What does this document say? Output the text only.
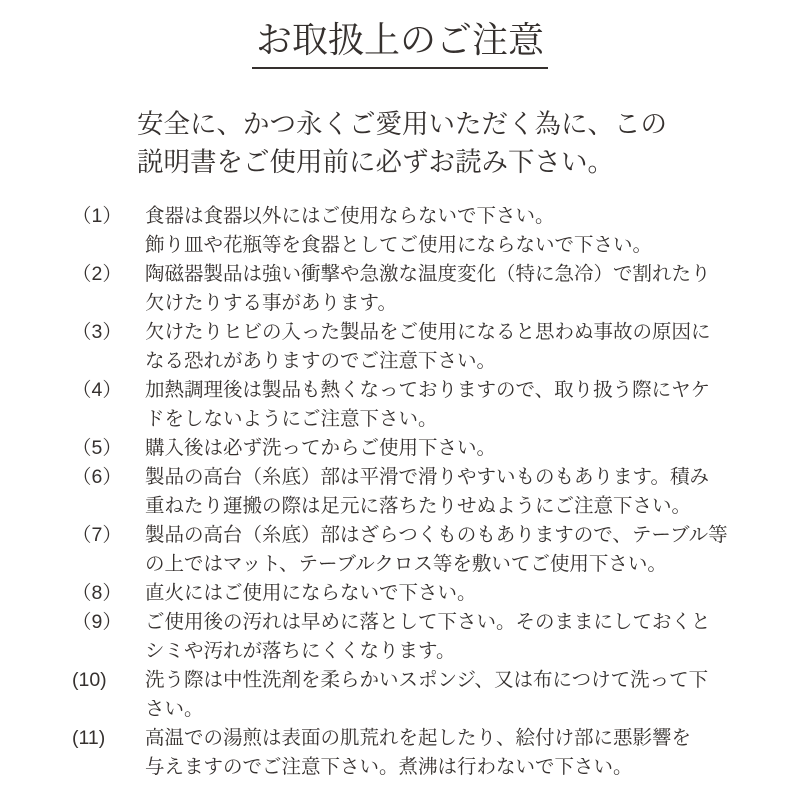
お取扱上のご注意

安全に、かつ永くご愛用いただく為に、この
説明書をご使用前に必ずお読み下さい。

（1）	食器は食器以外にはご使用ならないで下さい。
飾り皿や花瓶等を食器としてご使用にならないで下さい。
（2）	陶磁器製品は強い衝撃や急激な温度変化（特に急冷）で割れたり
欠けたりする事があります。
（3）	欠けたりヒビの入った製品をご使用になると思わぬ事故の原因に
なる恐れがありますのでご注意下さい。
（4）	加熱調理後は製品も熱くなっておりますので、取り扱う際にヤケ
ドをしないようにご注意下さい。
（5）	購入後は必ず洗ってからご使用下さい。
（6）	製品の高台（糸底）部は平滑で滑りやすいものもあります。積み
重ねたり運搬の際は足元に落ちたりせぬようにご注意下さい。
（7）	製品の高台（糸底）部はざらつくものもありますので、テーブル等
の上ではマット、テーブルクロス等を敷いてご使用下さい。
（8）	直火にはご使用にならないで下さい。
（9）	ご使用後の汚れは早めに落として下さい。そのままにしておくと
シミや汚れが落ちにくくなります。
(10)	洗う際は中性洗剤を柔らかいスポンジ、又は布につけて洗って下
さい。
(11)	高温での湯煎は表面の肌荒れを起したり、絵付け部に悪影響を
与えますのでご注意下さい。煮沸は行わないで下さい。
